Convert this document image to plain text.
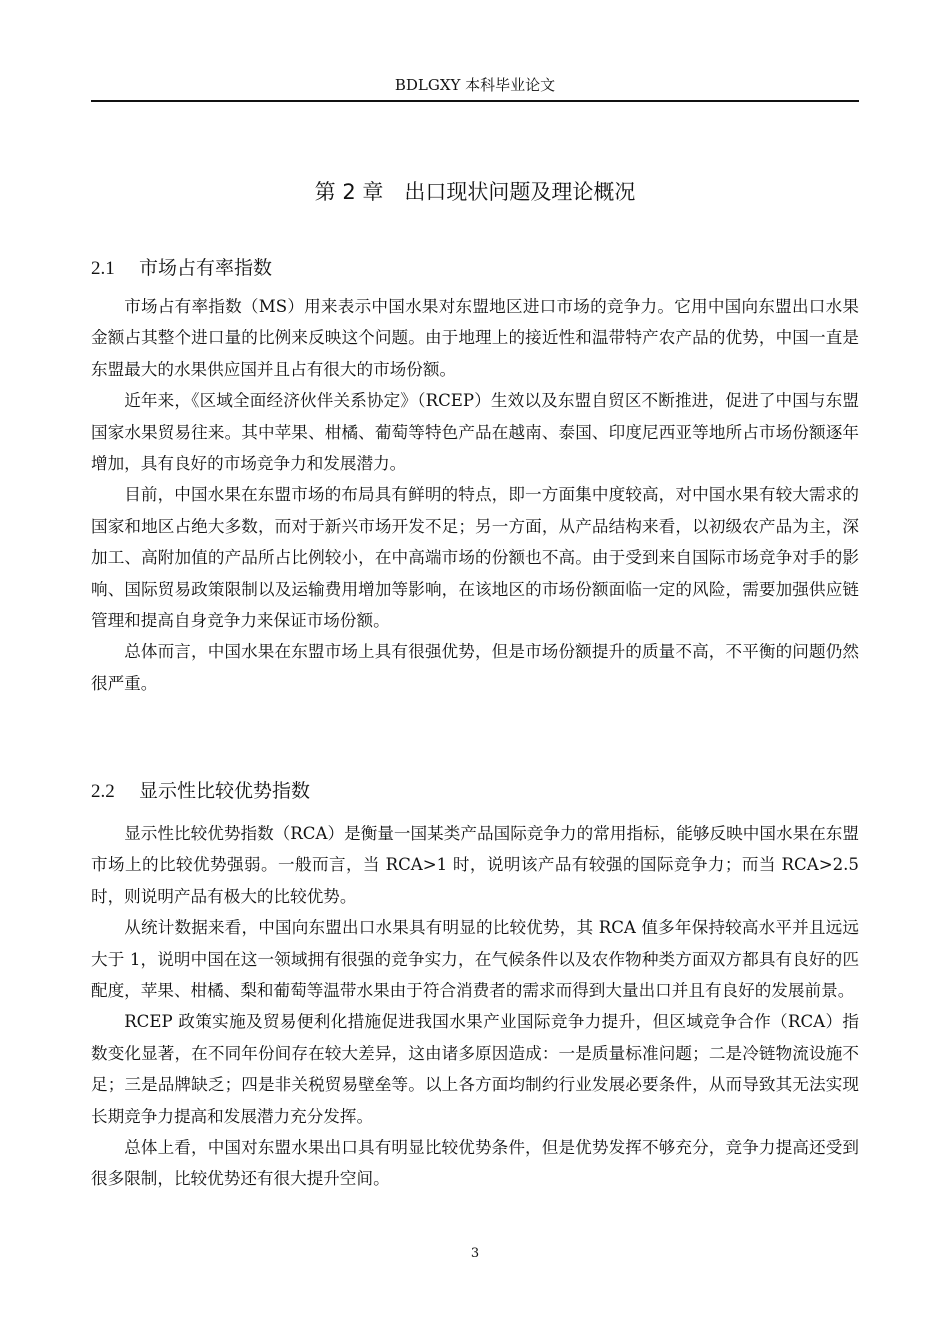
BDLGXY 本科毕业论文
第 2 章　出口现状问题及理论概况
2.1 市场占有率指数

市场占有率指数（MS）用来表示中国水果对东盟地区进口市场的竞争力。它用中国向东盟出口水果金额占其整个进口量的比例来反映这个问题。由于地理上的接近性和温带特产农产品的优势，中国一直是东盟最大的水果供应国并且占有很大的市场份额。

近年来，《区域全面经济伙伴关系协定》（RCEP）生效以及东盟自贸区不断推进，促进了中国与东盟国家水果贸易往来。其中苹果、柑橘、葡萄等特色产品在越南、泰国、印度尼西亚等地所占市场份额逐年增加，具有良好的市场竞争力和发展潜力。

目前，中国水果在东盟市场的布局具有鲜明的特点，即一方面集中度较高，对中国水果有较大需求的国家和地区占绝大多数，而对于新兴市场开发不足；另一方面，从产品结构来看，以初级农产品为主，深加工、高附加值的产品所占比例较小，在中高端市场的份额也不高。由于受到来自国际市场竞争对手的影响、国际贸易政策限制以及运输费用增加等影响，在该地区的市场份额面临一定的风险，需要加强供应链管理和提高自身竞争力来保证市场份额。

总体而言，中国水果在东盟市场上具有很强优势，但是市场份额提升的质量不高，不平衡的问题仍然很严重。

2.2 显示性比较优势指数

显示性比较优势指数（RCA）是衡量一国某类产品国际竞争力的常用指标，能够反映中国水果在东盟市场上的比较优势强弱。一般而言，当 RCA>1 时，说明该产品有较强的国际竞争力；而当 RCA>2.5 时，则说明产品有极大的比较优势。

从统计数据来看，中国向东盟出口水果具有明显的比较优势，其 RCA 值多年保持较高水平并且远远大于 1，说明中国在这一领域拥有很强的竞争实力，在气候条件以及农作物种类方面双方都具有良好的匹配度，苹果、柑橘、梨和葡萄等温带水果由于符合消费者的需求而得到大量出口并且有良好的发展前景。

RCEP 政策实施及贸易便利化措施促进我国水果产业国际竞争力提升，但区域竞争合作（RCA）指数变化显著，在不同年份间存在较大差异，这由诸多原因造成：一是质量标准问题；二是冷链物流设施不足；三是品牌缺乏；四是非关税贸易壁垒等。以上各方面均制约行业发展必要条件，从而导致其无法实现长期竞争力提高和发展潜力充分发挥。

总体上看，中国对东盟水果出口具有明显比较优势条件，但是优势发挥不够充分，竞争力提高还受到很多限制，比较优势还有很大提升空间。

3
